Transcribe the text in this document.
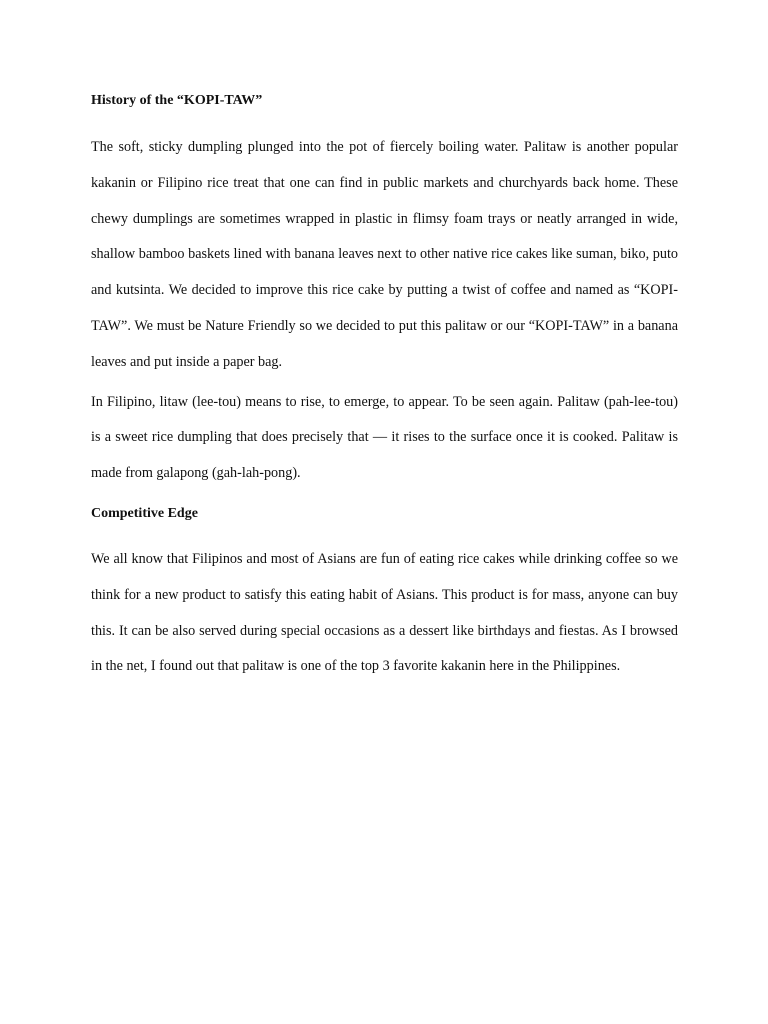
History of the “KOPI-TAW”

The soft, sticky dumpling plunged into the pot of fiercely boiling water. Palitaw is another popular kakanin or Filipino rice treat that one can find in public markets and churchyards back home. These chewy dumplings are sometimes wrapped in plastic in flimsy foam trays or neatly arranged in wide, shallow bamboo baskets lined with banana leaves next to other native rice cakes like suman, biko, puto and kutsinta. We decided to improve this rice cake by putting a twist of coffee and named as “KOPI-TAW”. We must be Nature Friendly so we decided to put this palitaw or our “KOPI-TAW” in a banana leaves and put inside a paper bag.

In Filipino, litaw (lee-tou) means to rise, to emerge, to appear. To be seen again. Palitaw (pah-lee-tou) is a sweet rice dumpling that does precisely that — it rises to the surface once it is cooked. Palitaw is made from galapong (gah-lah-pong).

Competitive Edge

We all know that Filipinos and most of Asians are fun of eating rice cakes while drinking coffee so we think for a new product to satisfy this eating habit of Asians. This product is for mass, anyone can buy this. It can be also served during special occasions as a dessert like birthdays and fiestas. As I browsed in the net, I found out that palitaw is one of the top 3 favorite kakanin here in the Philippines.
